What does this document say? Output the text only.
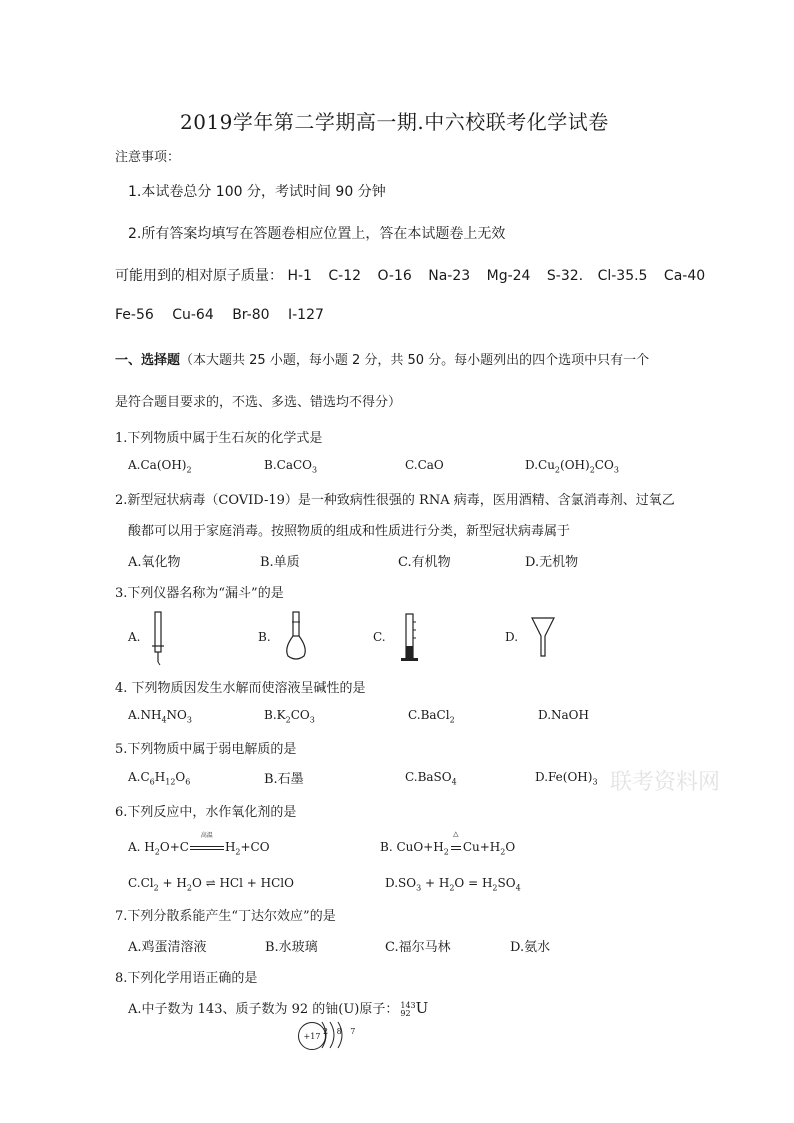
2019学年第二学期高一期.中六校联考化学试卷
注意事项：
1.本试卷总分 100 分，考试时间 90 分钟
2.所有答案均填写在答题卷相应位置上，答在本试题卷上无效
可能用到的相对原子质量： H-1 C-12 O-16 Na-23 Mg-24 S-32. Cl-35.5 Ca-40
Fe-56 Cu-64 Br-80 I-127
一、选择题（本大题共 25 小题，每小题 2 分，共 50 分。每小题列出的四个选项中只有一个
是符合题目要求的，不选、多选、错选均不得分）
1.下列物质中属于生石灰的化学式是
$A.Ca(OH)_2$	B.CaCO$_3$	C.CaO	$D.Cu_2(OH)_2CO_3$
2.新型冠状病毒（COVID-19）是一种致病性很强的 RNA 病毒，医用酒精、含氯消毒剂、过氧乙
酸都可以用于家庭消毒。按照物质的组成和性质进行分类，新型冠状病毒属于
A.氧化物	B.单质	C.有机物	D.无机物
3.下列仪器名称为“漏斗”的是
A.	B.	C.	D.
4. 下列物质因发生水解而使溶液呈碱性的是
$A.NH_4NO_3$	$B.K_2CO_3$	C.BaCl$_2$	D.NaOH
5.下列物质中属于弱电解质的是
$A.C_6H_{12}O_6$	B.石墨	C.BaSO$_4$	$D.Fe(OH)_3$ 联考资料网
6.下列反应中，水作氧化剂的是
A. $H_2O+C$
高温
$H_2+CO$	B. $CuO+H_2$
△
$Cu+H_2O$
$C.Cl_2 + H_2O$ ⇌ HCl + HClO	$D.SO_3 + H_2O = H_2SO_4$
7.下列分散系能产生“丁达尔效应”的是
A.鸡蛋清溶液	B.水玻璃	C.福尔马林	D.氨水
8.下列化学用语正确的是
A.中子数为 143、质子数为 92 的铀(U)原子： 143
92 U
+17 2 8 7
